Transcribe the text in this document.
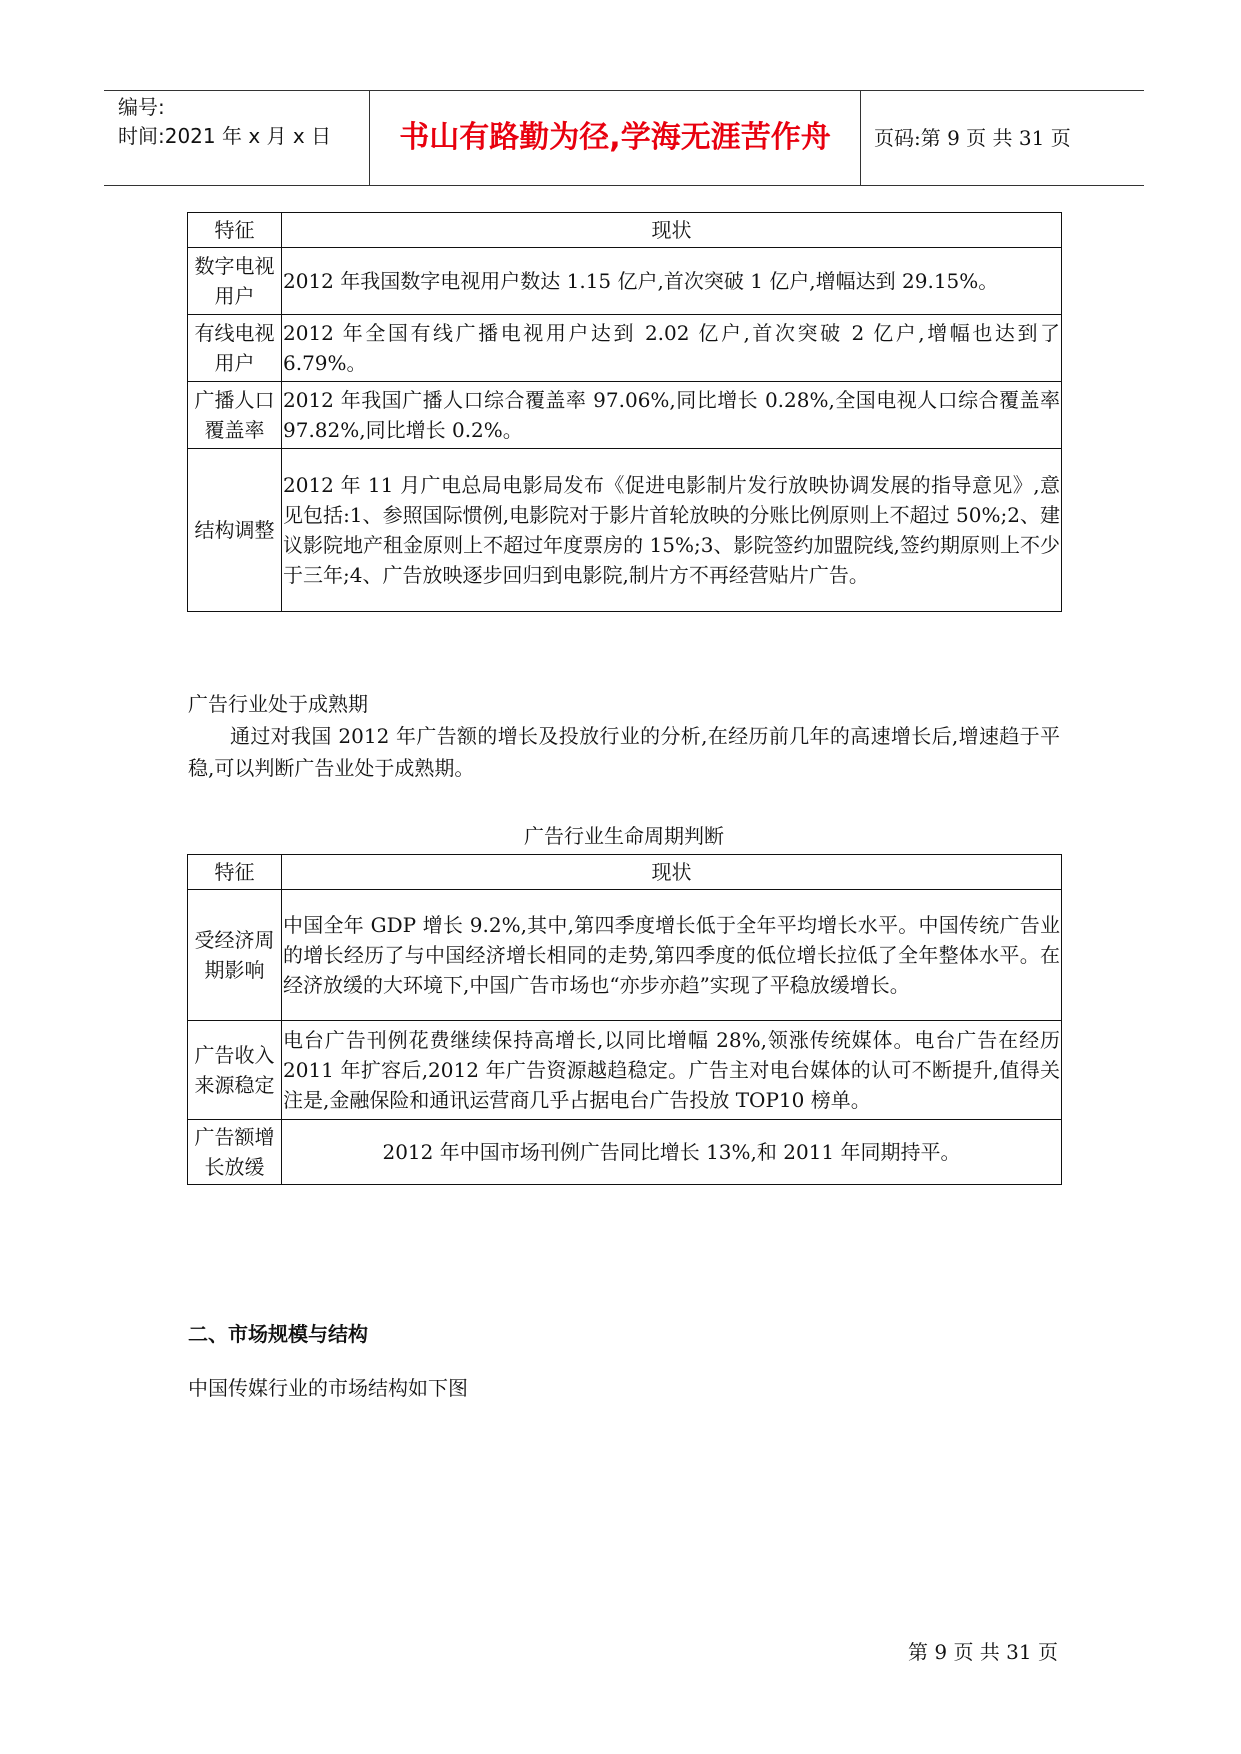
编号:
时间:2021 年 x 月 x 日	书山有路勤为径,学海无涯苦作舟	页码:第 9 页 共 31 页
特征	现状
数字电视用户	2012 年我国数字电视用户数达 1.15 亿户,首次突破 1 亿户,增幅达到 29.15%。
有线电视用户	2012 年全国有线广播电视用户达到 2.02 亿户,首次突破 2 亿户,增幅也达到了 6.79%。
广播人口覆盖率	2012 年我国广播人口综合覆盖率 97.06%,同比增长 0.28%,全国电视人口综合覆盖率 97.82%,同比增长 0.2%。
结构调整	2012 年 11 月广电总局电影局发布《促进电影制片发行放映协调发展的指导意见》,意见包括:1、参照国际惯例,电影院对于影片首轮放映的分账比例原则上不超过 50%;2、建议影院地产租金原则上不超过年度票房的 15%;3、影院签约加盟院线,签约期原则上不少于三年;4、广告放映逐步回归到电影院,制片方不再经营贴片广告。
广告行业处于成熟期
通过对我国 2012 年广告额的增长及投放行业的分析,在经历前几年的高速增长后,增速趋于平稳,可以判断广告业处于成熟期。
广告行业生命周期判断
特征	现状
受经济周期影响	中国全年 GDP 增长 9.2%,其中,第四季度增长低于全年平均增长水平。中国传统广告业的增长经历了与中国经济增长相同的走势,第四季度的低位增长拉低了全年整体水平。在经济放缓的大环境下,中国广告市场也“亦步亦趋”实现了平稳放缓增长。
广告收入来源稳定	电台广告刊例花费继续保持高增长,以同比增幅 28%,领涨传统媒体。电台广告在经历 2011 年扩容后,2012 年广告资源越趋稳定。广告主对电台媒体的认可不断提升,值得关注是,金融保险和通讯运营商几乎占据电台广告投放 TOP10 榜单。
广告额增长放缓	2012 年中国市场刊例广告同比增长 13%,和 2011 年同期持平。
二、市场规模与结构
中国传媒行业的市场结构如下图
第 9 页 共 31 页
